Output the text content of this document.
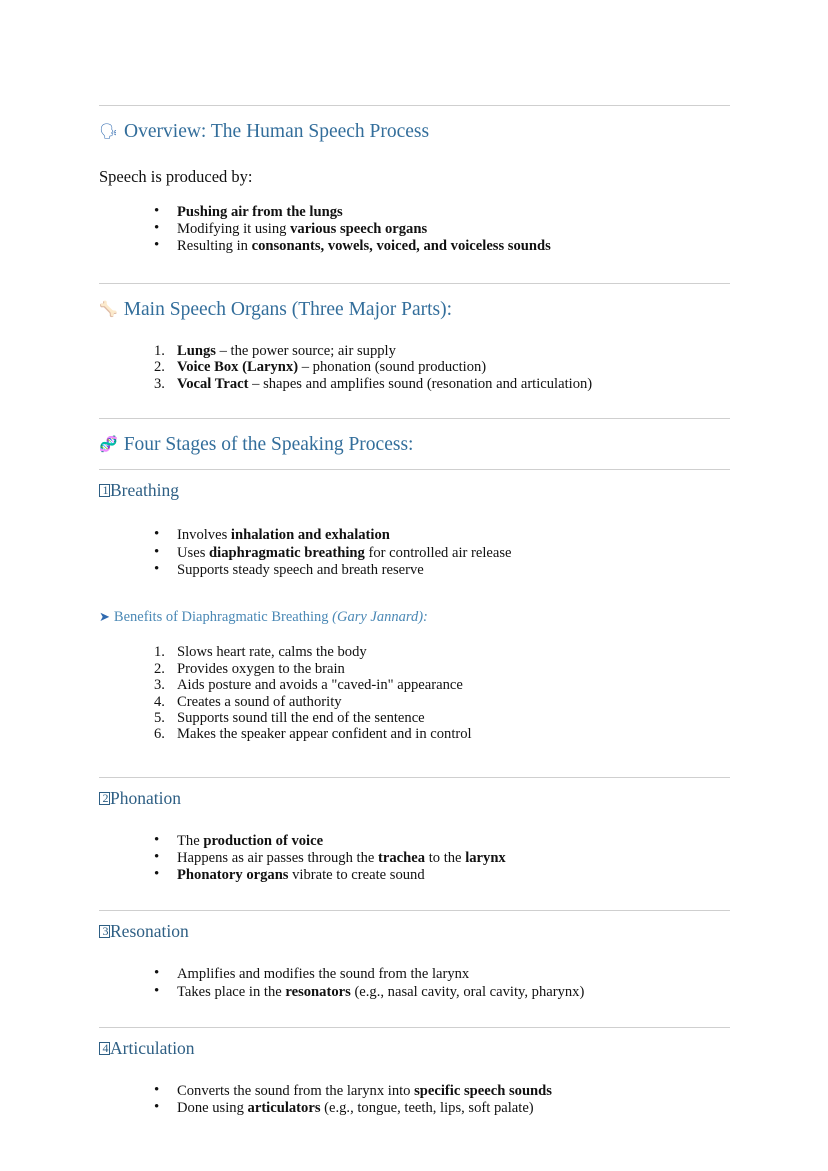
🗣 Overview: The Human Speech Process

Speech is produced by:

• Pushing air from the lungs
• Modifying it using various speech organs
• Resulting in consonants, vowels, voiced, and voiceless sounds
🦴 Main Speech Organs (Three Major Parts):
Lungs – the power source; air supply
Voice Box (Larynx) – phonation (sound production)
Vocal Tract – shapes and amplifies sound (resonation and articulation)
🧬 Four Stages of the Speaking Process:
1 Breathing
• Involves inhalation and exhalation
• Uses diaphragmatic breathing for controlled air release
• Supports steady speech and breath reserve
➤ Benefits of Diaphragmatic Breathing (Gary Jannard):
Slows heart rate, calms the body
Provides oxygen to the brain
Aids posture and avoids a "caved-in" appearance
Creates a sound of authority
Supports sound till the end of the sentence
Makes the speaker appear confident and in control
2 Phonation
• The production of voice
• Happens as air passes through the trachea to the larynx
• Phonatory organs vibrate to create sound
3 Resonation
• Amplifies and modifies the sound from the larynx
• Takes place in the resonators (e.g., nasal cavity, oral cavity, pharynx)
4 Articulation
• Converts the sound from the larynx into specific speech sounds
• Done using articulators (e.g., tongue, teeth, lips, soft palate)
